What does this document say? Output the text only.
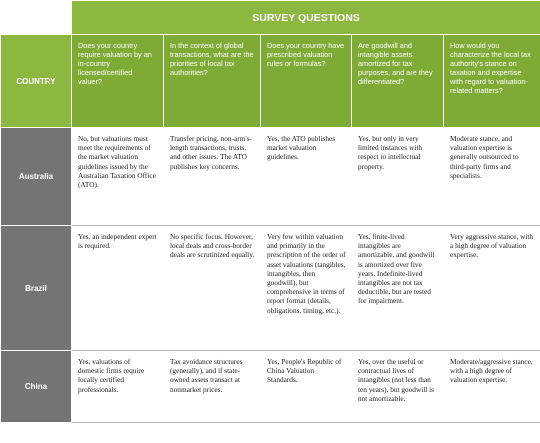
	SURVEY QUESTIONS				
COUNTRY	Does your country require valuation by an in-country licensed/certified valuer?	In the context of global transactions, what are the priorities of local tax authorities?	Does your country have prescribed valuation rules or formulas?	Are goodwill and intangible assets amortized for tax purposes, and are they differentiated?	How would you characterize the local tax authority's stance on taxation and expertise with regard to valuation-related matters?
Australia	No, but valuations must meet the requirements of the market valuation guidelines issued by the Australian Taxation Office (ATO).	Transfer pricing, non-arm's-length transactions, trusts, and other issues. The ATO publishes key concerns.	Yes, the ATO publishes market valuation guidelines.	Yes, but only in very limited instances with respect to intellectual property.	Moderate stance, and valuation expertise is generally outsourced to third-party firms and specialists.
Brazil	Yes, an independent expert is required.	No specific focus. However, local deals and cross-border deals are scrutinized equally.	Very few within valuation and primarily in the prescription of the order of asset valuations (tangibles, intangibles, then goodwill), but comprehensive in terms of report format (details, obligations, timing, etc.).	Yes, finite-lived intangibles are amortizable, and goodwill is amortized over five years. Indefinite-lived intangibles are not tax deductible, but are tested for impairment.	Very aggressive stance, with a high degree of valuation expertise.
China	Yes, valuations of domestic firms require locally certified professionals.	Tax avoidance structures (generally), and if state-owned assets transact at nonmarket prices.	Yes, People's Republic of China Valuation Standards.	Yes, over the useful or contractual lives of intangibles (not less than ten years), but goodwill is not amortizable.	Moderate/aggressive stance, with a high degree of valuation expertise.
